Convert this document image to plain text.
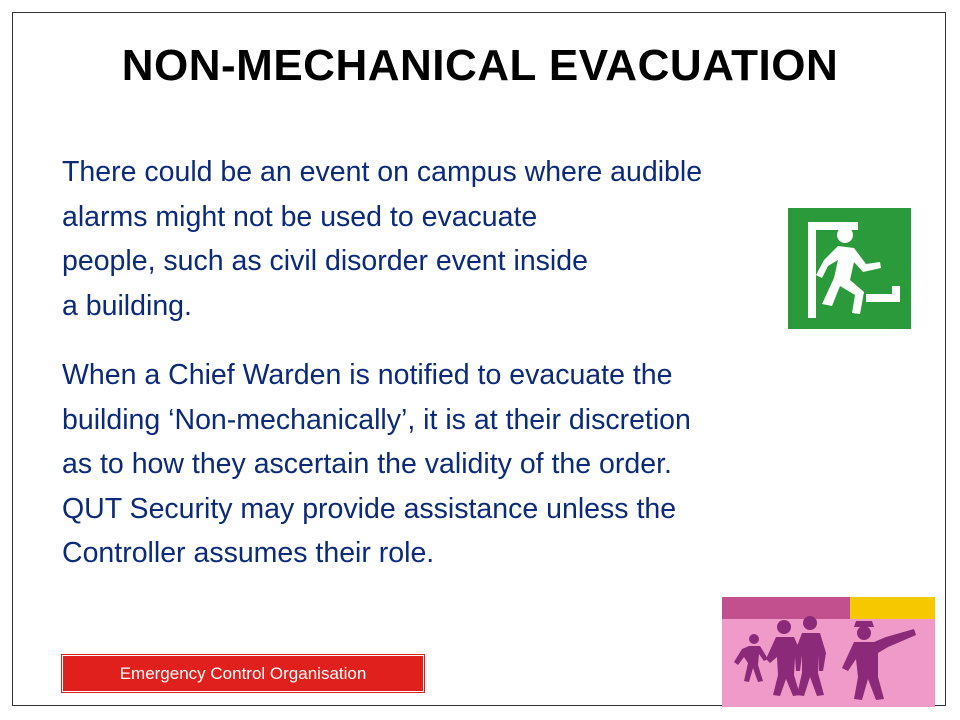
NON-MECHANICAL EVACUATION
There could be an event on campus where audible
alarms might not be used to evacuate
people, such as civil disorder event inside
a building.
When a Chief Warden is notified to evacuate the
building ‘Non-mechanically’, it is at their discretion
as to how they ascertain the validity of the order.
QUT Security may provide assistance unless the
Controller assumes their role.
Emergency Control Organisation
